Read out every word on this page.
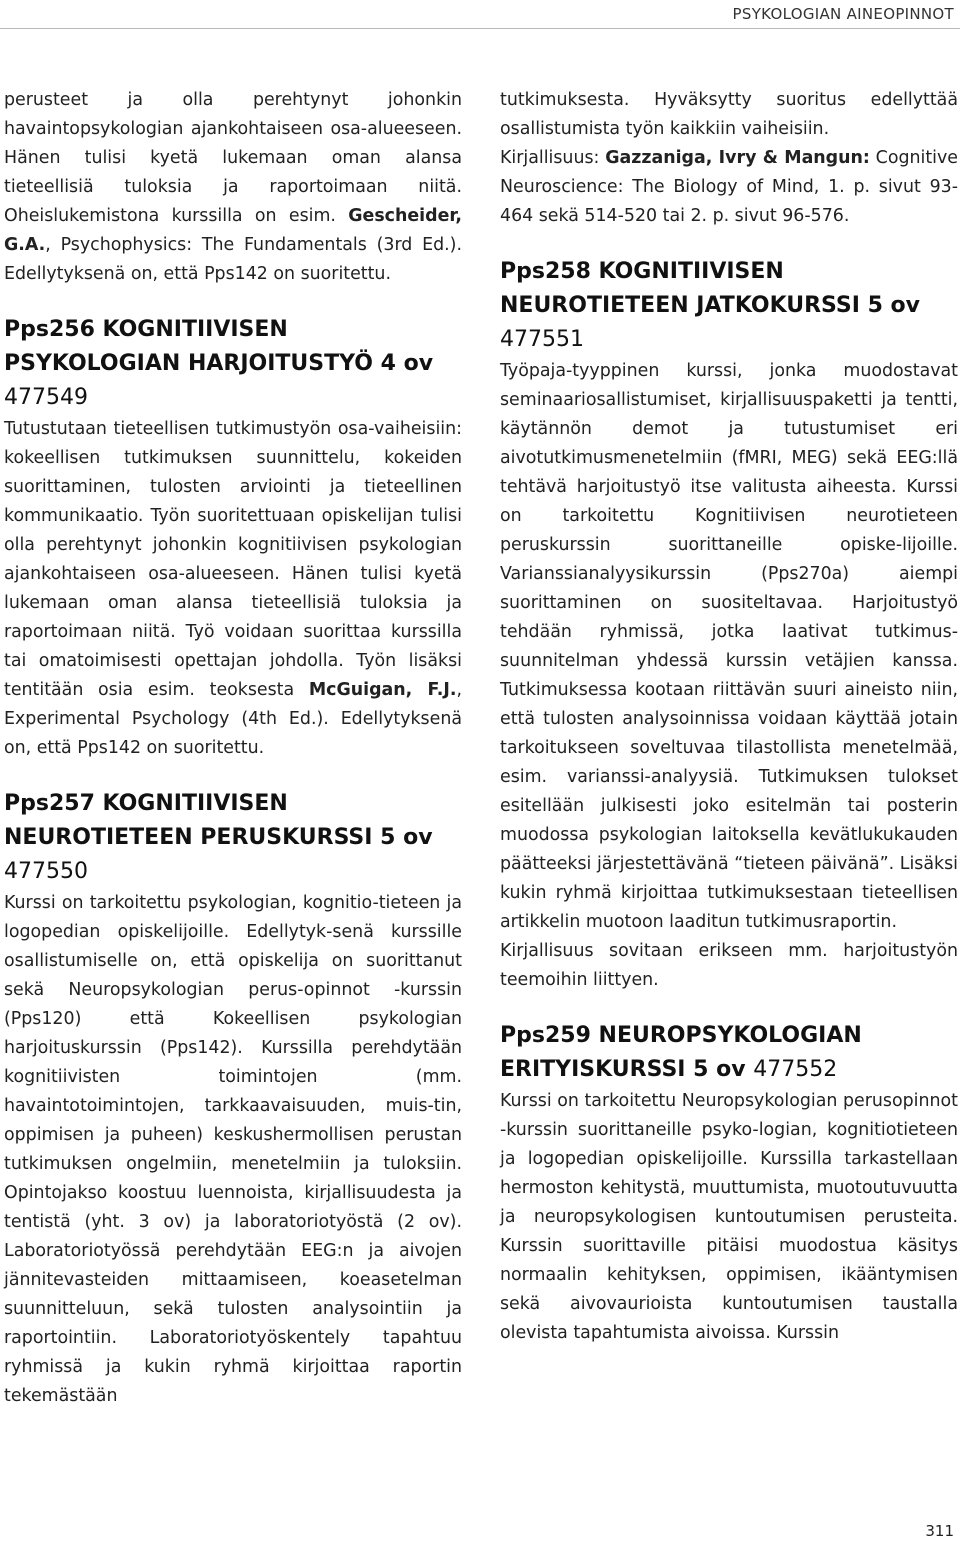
PSYKOLOGIAN AINEOPINNOT

perusteet ja olla perehtynyt johonkin havaintopsykologian ajankohtaiseen osa-alueeseen. Hänen tulisi kyetä lukemaan oman alansa tieteellisiä tuloksia ja raportoimaan niitä. Oheislukemistona kurssilla on esim. Gescheider, G.A., Psychophysics: The Fundamentals (3rd Ed.). Edellytyksenä on, että Pps142 on suoritettu.

Pps256 KOGNITIIVISEN PSYKOLOGIAN HARJOITUSTYÖ 4 ov
477549

Tutustutaan tieteellisen tutkimustyön osa-vaiheisiin: kokeellisen tutkimuksen suunnittelu, kokeiden suorittaminen, tulosten arviointi ja tieteellinen kommunikaatio. Työn suoritettuaan opiskelijan tulisi olla perehtynyt johonkin kognitiivisen psykologian ajankohtaiseen osa-alueeseen. Hänen tulisi kyetä lukemaan oman alansa tieteellisiä tuloksia ja raportoimaan niitä. Työ voidaan suorittaa kurssilla tai omatoimisesti opettajan johdolla. Työn lisäksi tentitään osia esim. teoksesta McGuigan, F.J., Experimental Psychology (4th Ed.). Edellytyksenä on, että Pps142 on suoritettu.

Pps257 KOGNITIIVISEN NEUROTIETEEN PERUSKURSSI 5 ov
477550

Kurssi on tarkoitettu psykologian, kognitio-tieteen ja logopedian opiskelijoille. Edellytyk-senä kurssille osallistumiselle on, että opiskelija on suorittanut sekä Neuropsykologian perus-opinnot -kurssin (Pps120) että Kokeellisen psykologian harjoituskurssin (Pps142). Kurssilla perehdytään kognitiivisten toimintojen (mm. havaintotoimintojen, tarkkaavaisuuden, muis-tin, oppimisen ja puheen) keskushermollisen perustan tutkimuksen ongelmiin, menetelmiin ja tuloksiin. Opintojakso koostuu luennoista, kirjallisuudesta ja tentistä (yht. 3 ov) ja laboratoriotyöstä (2 ov). Laboratoriotyössä perehdytään EEG:n ja aivojen jännitevasteiden mittaamiseen, koeasetelman suunnitteluun, sekä tulosten analysointiin ja raportointiin. Laboratoriotyöskentely tapahtuu ryhmissä ja kukin ryhmä kirjoittaa raportin tekemästään

tutkimuksesta. Hyväksytty suoritus edellyttää osallistumista työn kaikkiin vaiheisiin.

Kirjallisuus: Gazzaniga, Ivry & Mangun: Cognitive Neuroscience: The Biology of Mind, 1. p. sivut 93-464 sekä 514-520 tai 2. p. sivut 96-576.

Pps258 KOGNITIIVISEN NEUROTIETEEN JATKOKURSSI 5 ov
477551

Työpaja-tyyppinen kurssi, jonka muodostavat seminaariosallistumiset, kirjallisuuspaketti ja tentti, käytännön demot ja tutustumiset eri aivotutkimusmenetelmiin (fMRI, MEG) sekä EEG:llä tehtävä harjoitustyö itse valitusta aiheesta. Kurssi on tarkoitettu Kognitiivisen neurotieteen peruskurssin suorittaneille opiske-lijoille. Varianssianalyysikurssin (Pps270a) aiempi suorittaminen on suositeltavaa. Harjoitustyö tehdään ryhmissä, jotka laativat tutkimus-suunnitelman yhdessä kurssin vetäjien kanssa. Tutkimuksessa kootaan riittävän suuri aineisto niin, että tulosten analysoinnissa voidaan käyttää jotain tarkoitukseen soveltuvaa tilastollista menetelmää, esim. varianssi-analyysiä. Tutkimuksen tulokset esitellään julkisesti joko esitelmän tai posterin muodossa psykologian laitoksella kevätlukukauden päätteeksi järjestettävänä “tieteen päivänä”. Lisäksi kukin ryhmä kirjoittaa tutkimuksestaan tieteellisen artikkelin muotoon laaditun tutkimusraportin.

Kirjallisuus sovitaan erikseen mm. harjoitustyön teemoihin liittyen.

Pps259 NEUROPSYKOLOGIAN ERITYISKURSSI 5 ov 477552

Kurssi on tarkoitettu Neuropsykologian perusopinnot -kurssin suorittaneille psyko-logian, kognitiotieteen ja logopedian opiskelijoille. Kurssilla tarkastellaan hermoston kehitystä, muuttumista, muotoutuvuutta ja neuropsykologisen kuntoutumisen perusteita. Kurssin suorittaville pitäisi muodostua käsitys normaalin kehityksen, oppimisen, ikääntymisen sekä aivovaurioista kuntoutumisen taustalla olevista tapahtumista aivoissa. Kurssin

311
